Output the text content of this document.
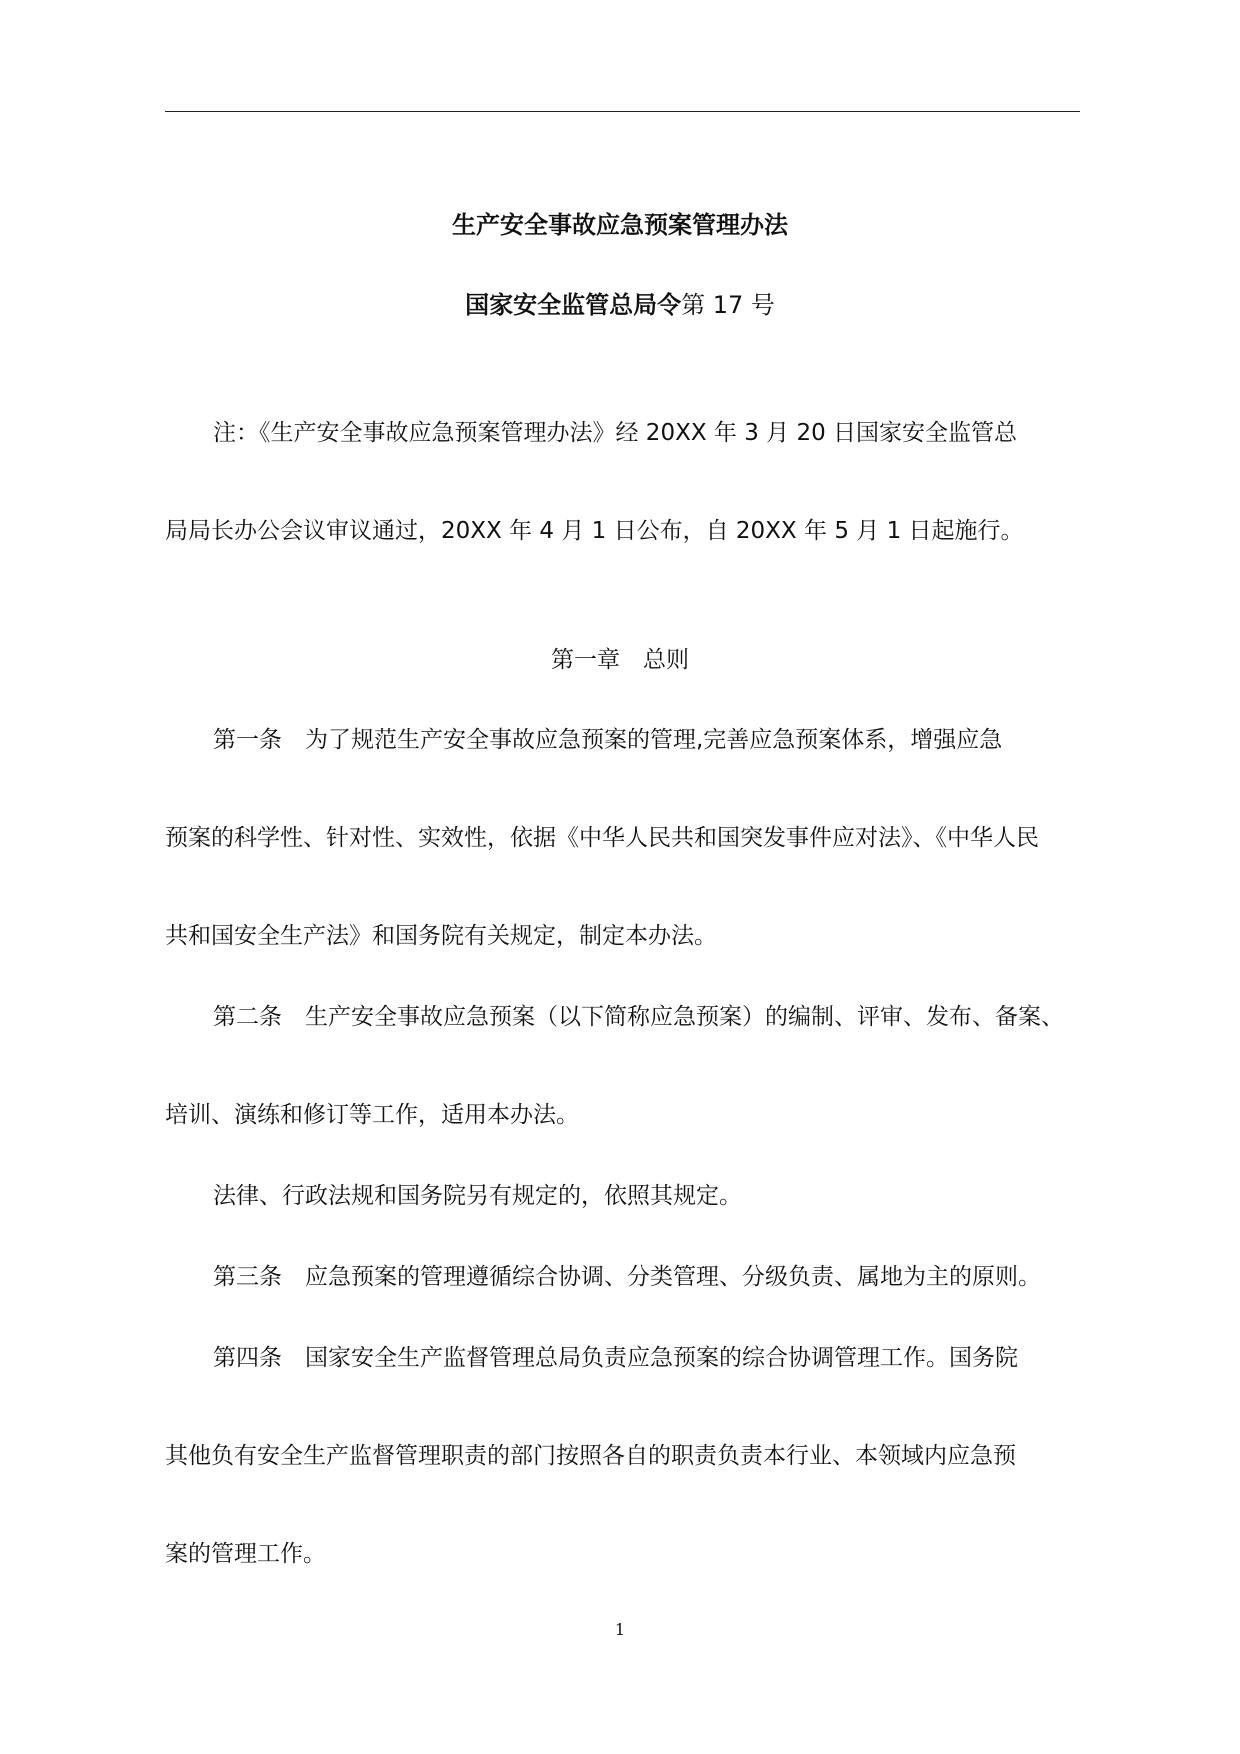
生产安全事故应急预案管理办法
国家安全监管总局令第 17 号
注：《生产安全事故应急预案管理办法》经 20XX 年 3 月 20 日国家安全监管总
局局长办公会议审议通过，20XX 年 4 月 1 日公布，自 20XX 年 5 月 1 日起施行。
第一章　总则
第一条　为了规范生产安全事故应急预案的管理,完善应急预案体系，增强应急
预案的科学性、针对性、实效性，依据《中华人民共和国突发事件应对法》、《中华人民
共和国安全生产法》和国务院有关规定，制定本办法。
第二条　生产安全事故应急预案（以下简称应急预案）的编制、评审、发布、备案、
培训、演练和修订等工作，适用本办法。
法律、行政法规和国务院另有规定的，依照其规定。
第三条　应急预案的管理遵循综合协调、分类管理、分级负责、属地为主的原则。
第四条　国家安全生产监督管理总局负责应急预案的综合协调管理工作。国务院
其他负有安全生产监督管理职责的部门按照各自的职责负责本行业、本领域内应急预
案的管理工作。
1
